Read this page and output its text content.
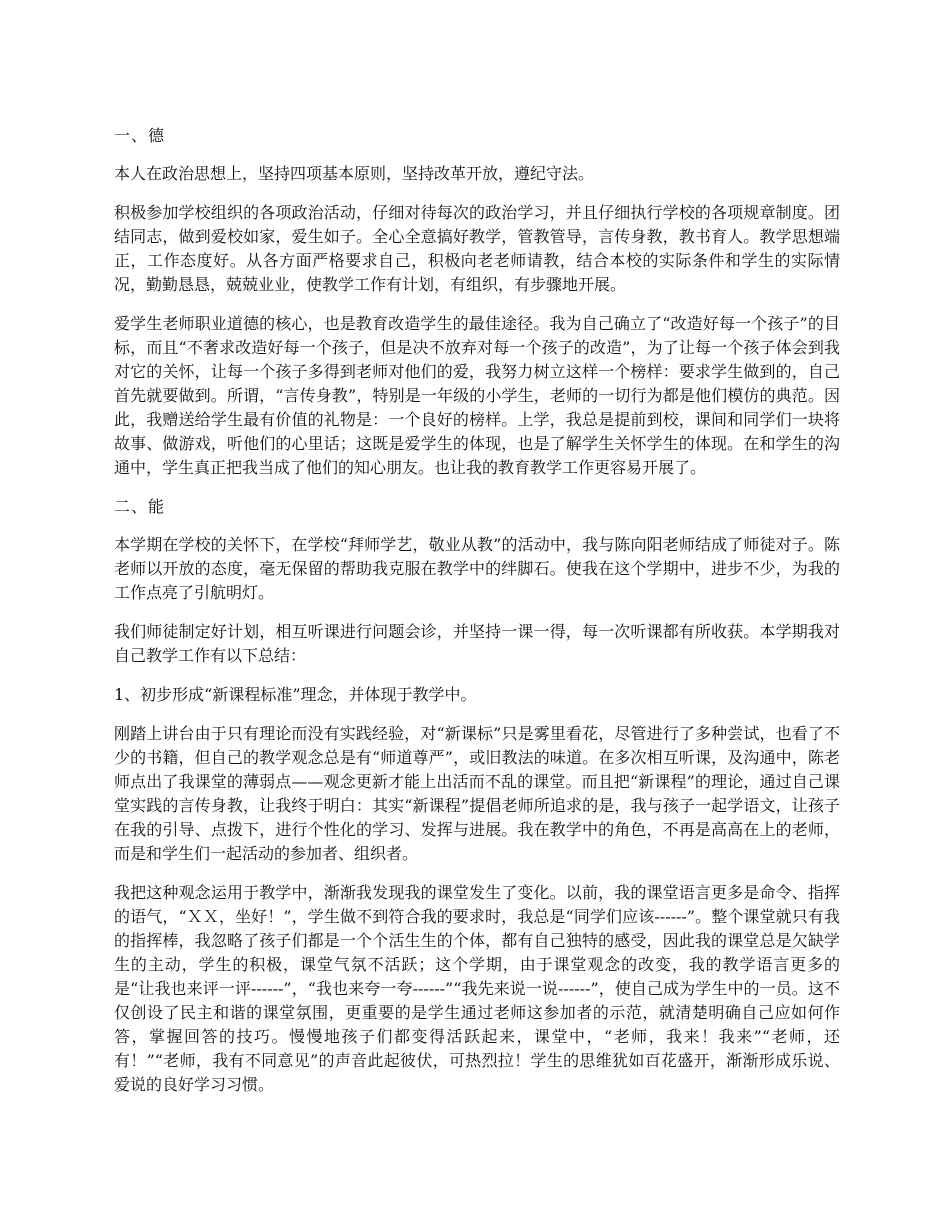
一、德

本人在政治思想上，坚持四项基本原则，坚持改革开放，遵纪守法。

积极参加学校组织的各项政治活动，仔细对待每次的政治学习，并且仔细执行学校的各项规章制度。团结同志，做到爱校如家，爱生如子。全心全意搞好教学，管教管导，言传身教，教书育人。教学思想端正，工作态度好。从各方面严格要求自己，积极向老老师请教，结合本校的实际条件和学生的实际情况，勤勤恳恳，兢兢业业，使教学工作有计划，有组织，有步骤地开展。

爱学生老师职业道德的核心，也是教育改造学生的最佳途径。我为自己确立了“改造好每一个孩子”的目标，而且“不奢求改造好每一个孩子，但是决不放弃对每一个孩子的改造”，为了让每一个孩子体会到我对它的关怀，让每一个孩子多得到老师对他们的爱，我努力树立这样一个榜样：要求学生做到的，自己首先就要做到。所谓，“言传身教”，特别是一年级的小学生，老师的一切行为都是他们模仿的典范。因此，我赠送给学生最有价值的礼物是：一个良好的榜样。上学，我总是提前到校，课间和同学们一块将故事、做游戏，听他们的心里话；这既是爱学生的体现，也是了解学生关怀学生的体现。在和学生的沟通中，学生真正把我当成了他们的知心朋友。也让我的教育教学工作更容易开展了。

二、能

本学期在学校的关怀下，在学校“拜师学艺，敬业从教”的活动中，我与陈向阳老师结成了师徒对子。陈老师以开放的态度，毫无保留的帮助我克服在教学中的绊脚石。使我在这个学期中，进步不少，为我的工作点亮了引航明灯。

我们师徒制定好计划，相互听课进行问题会诊，并坚持一课一得，每一次听课都有所收获。本学期我对自己教学工作有以下总结：

1、初步形成“新课程标准”理念，并体现于教学中。

刚踏上讲台由于只有理论而没有实践经验，对“新课标”只是雾里看花，尽管进行了多种尝试，也看了不少的书籍，但自己的教学观念总是有“师道尊严”，或旧教法的味道。在多次相互听课，及沟通中，陈老师点出了我课堂的薄弱点——观念更新才能上出活而不乱的课堂。而且把“新课程”的理论，通过自己课堂实践的言传身教，让我终于明白：其实“新课程”提倡老师所追求的是，我与孩子一起学语文，让孩子在我的引导、点拨下，进行个性化的学习、发挥与进展。我在教学中的角色，不再是高高在上的老师，而是和学生们一起活动的参加者、组织者。

我把这种观念运用于教学中，渐渐我发现我的课堂发生了变化。以前，我的课堂语言更多是命令、指挥的语气，“ＸＸ，坐好！”，学生做不到符合我的要求时，我总是“同学们应该------”。整个课堂就只有我的指挥棒，我忽略了孩子们都是一个个活生生的个体，都有自己独特的感受，因此我的课堂总是欠缺学生的主动，学生的积极，课堂气氛不活跃；这个学期，由于课堂观念的改变，我的教学语言更多的是“让我也来评一评------”，“我也来夸一夸------”“我先来说一说------”，使自己成为学生中的一员。这不仅创设了民主和谐的课堂氛围，更重要的是学生通过老师这参加者的示范，就清楚明确自己应如何作答，掌握回答的技巧。慢慢地孩子们都变得活跃起来，课堂中，“老师，我来！我来”“老师，还有！”“老师，我有不同意见”的声音此起彼伏，可热烈拉！学生的思维犹如百花盛开，渐渐形成乐说、爱说的良好学习习惯。
